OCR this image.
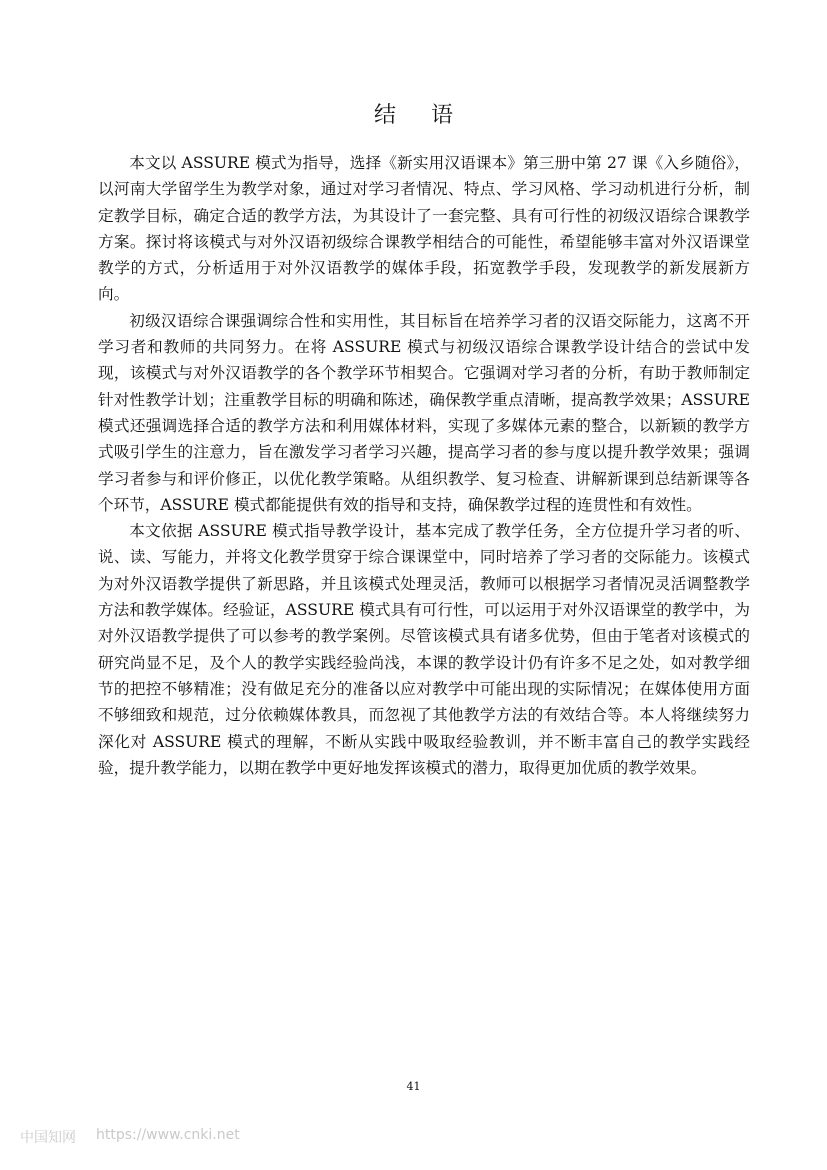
结 语

本文以 ASSURE 模式为指导，选择《新实用汉语课本》第三册中第 27 课《入乡随俗》，以河南大学留学生为教学对象，通过对学习者情况、特点、学习风格、学习动机进行分析，制定教学目标，确定合适的教学方法，为其设计了一套完整、具有可行性的初级汉语综合课教学方案。探讨将该模式与对外汉语初级综合课教学相结合的可能性，希望能够丰富对外汉语课堂教学的方式，分析适用于对外汉语教学的媒体手段，拓宽教学手段，发现教学的新发展新方向。

初级汉语综合课强调综合性和实用性，其目标旨在培养学习者的汉语交际能力，这离不开学习者和教师的共同努力。在将 ASSURE 模式与初级汉语综合课教学设计结合的尝试中发现，该模式与对外汉语教学的各个教学环节相契合。它强调对学习者的分析，有助于教师制定针对性教学计划；注重教学目标的明确和陈述，确保教学重点清晰，提高教学效果；ASSURE 模式还强调选择合适的教学方法和利用媒体材料，实现了多媒体元素的整合，以新颖的教学方式吸引学生的注意力，旨在激发学习者学习兴趣，提高学习者的参与度以提升教学效果；强调学习者参与和评价修正，以优化教学策略。从组织教学、复习检查、讲解新课到总结新课等各个环节，ASSURE 模式都能提供有效的指导和支持，确保教学过程的连贯性和有效性。

本文依据 ASSURE 模式指导教学设计，基本完成了教学任务，全方位提升学习者的听、说、读、写能力，并将文化教学贯穿于综合课课堂中，同时培养了学习者的交际能力。该模式为对外汉语教学提供了新思路，并且该模式处理灵活，教师可以根据学习者情况灵活调整教学方法和教学媒体。经验证，ASSURE 模式具有可行性，可以运用于对外汉语课堂的教学中，为对外汉语教学提供了可以参考的教学案例。尽管该模式具有诸多优势，但由于笔者对该模式的研究尚显不足，及个人的教学实践经验尚浅，本课的教学设计仍有许多不足之处，如对教学细节的把控不够精准；没有做足充分的准备以应对教学中可能出现的实际情况；在媒体使用方面不够细致和规范，过分依赖媒体教具，而忽视了其他教学方法的有效结合等。本人将继续努力深化对 ASSURE 模式的理解，不断从实践中吸取经验教训，并不断丰富自己的教学实践经验，提升教学能力，以期在教学中更好地发挥该模式的潜力，取得更加优质的教学效果。

41
中国知网 https://www.cnki.net
